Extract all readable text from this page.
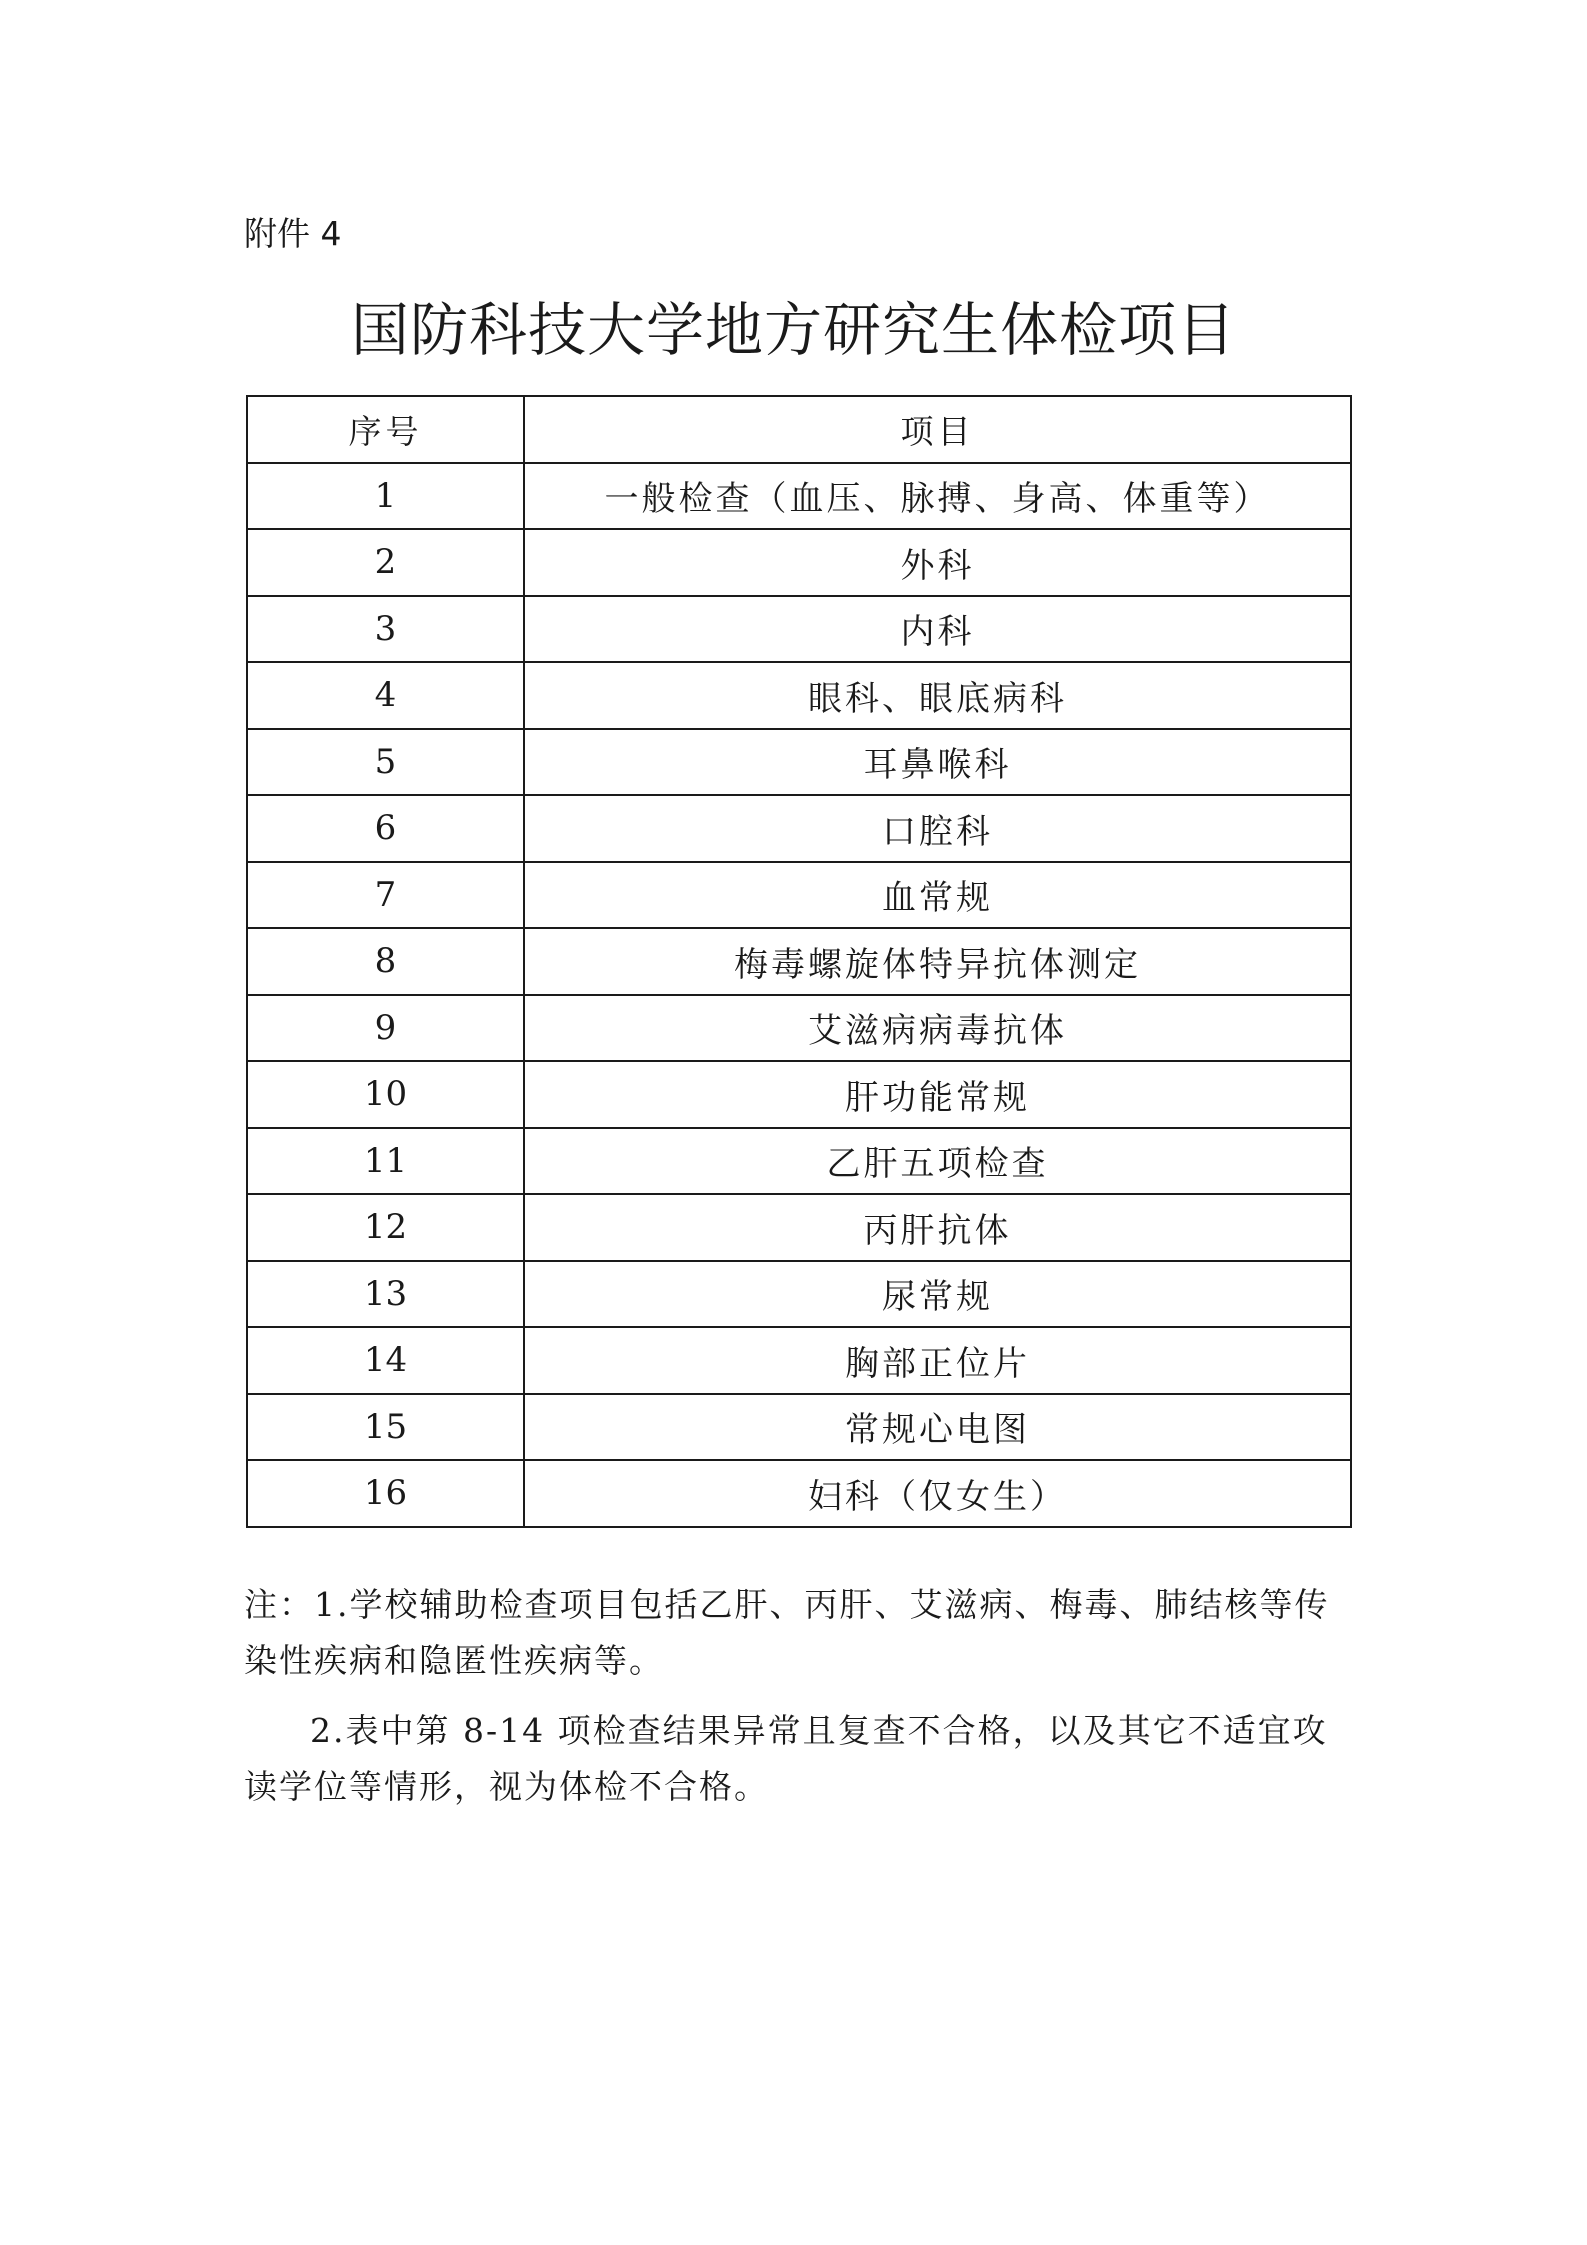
附件 4
国防科技大学地方研究生体检项目
序号	项目
1	一般检查（血压、脉搏、身高、体重等）
2	外科
3	内科
4	眼科、眼底病科
5	耳鼻喉科
6	口腔科
7	血常规
8	梅毒螺旋体特异抗体测定
9	艾滋病病毒抗体
10	肝功能常规
11	乙肝五项检查
12	丙肝抗体
13	尿常规
14	胸部正位片
15	常规心电图
16	妇科（仅女生）

注：1.学校辅助检查项目包括乙肝、丙肝、艾滋病、梅毒、肺结核等传染性疾病和隐匿性疾病等。

2.表中第 8-14 项检查结果异常且复查不合格，以及其它不适宜攻读学位等情形，视为体检不合格。
